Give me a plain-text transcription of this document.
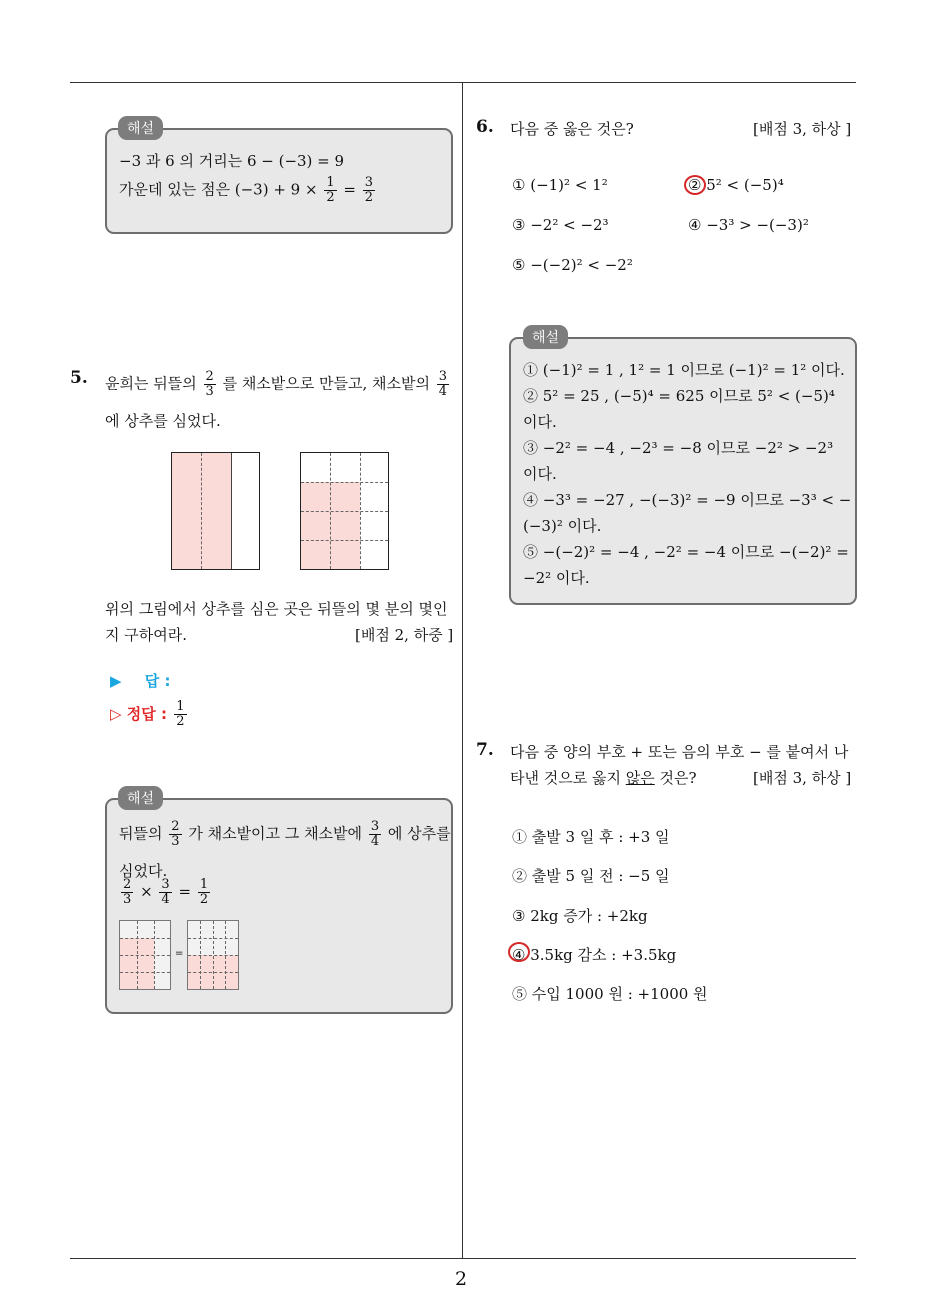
2
−3 과 6 의 거리는 6 − (−3) = 9
가운데 있는 점은 $(-3) + 9 \times \frac{1}{2} = \frac{3}{2}$
해설
5. 윤희는 뒤뜰의 $\frac{2}{3}$ 를 채소밭으로 만들고, 채소밭의 $\frac{3}{4}$
에 상추를 심었다.
위의 그림에서 상추를 심은 곳은 뒤뜰의 몇 분의 몇인
지 구하여라.	[배점 2, 하중 ]
▶ 답 :
▷ 정답 : $\frac{1}{2}$
뒤뜰의 $\frac{2}{3}$ 가 채소밭이고 그 채소밭에 $\frac{3}{4}$ 에 상추를
심었다.
$\frac{2}{3} \times \frac{3}{4} = \frac{1}{2}$
=
해설
6. 다음 중 옳은 것은?	[배점 3, 하상 ]
① (−1)² < 1²	② 5² < (−5)⁴
③ −2² < −2³	④ −3³ > −(−3)²
⑤ −(−2)² < −2²
① (−1)² = 1 , 1² = 1 이므로 (−1)² = 1² 이다.
② 5² = 25 , (−5)⁴ = 625 이므로 5² < (−5)⁴
이다.
③ −2² = −4 , −2³ = −8 이므로 −2² > −2³
이다.
④ −3³ = −27 , −(−3)² = −9 이므로 −3³ < −
(−3)² 이다.
⑤ −(−2)² = −4 , −2² = −4 이므로 −(−2)² =
−2² 이다.
해설
7. 다음 중 양의 부호 + 또는 음의 부호 − 를 붙여서 나
타낸 것으로 옳지 않은 것은?	[배점 3, 하상 ]
① 출발 3 일 후 : +3 일
② 출발 5 일 전 : −5 일
③ 2kg 증가 : +2kg
④ 3.5kg 감소 : +3.5kg
⑤ 수입 1000 원 : +1000 원
